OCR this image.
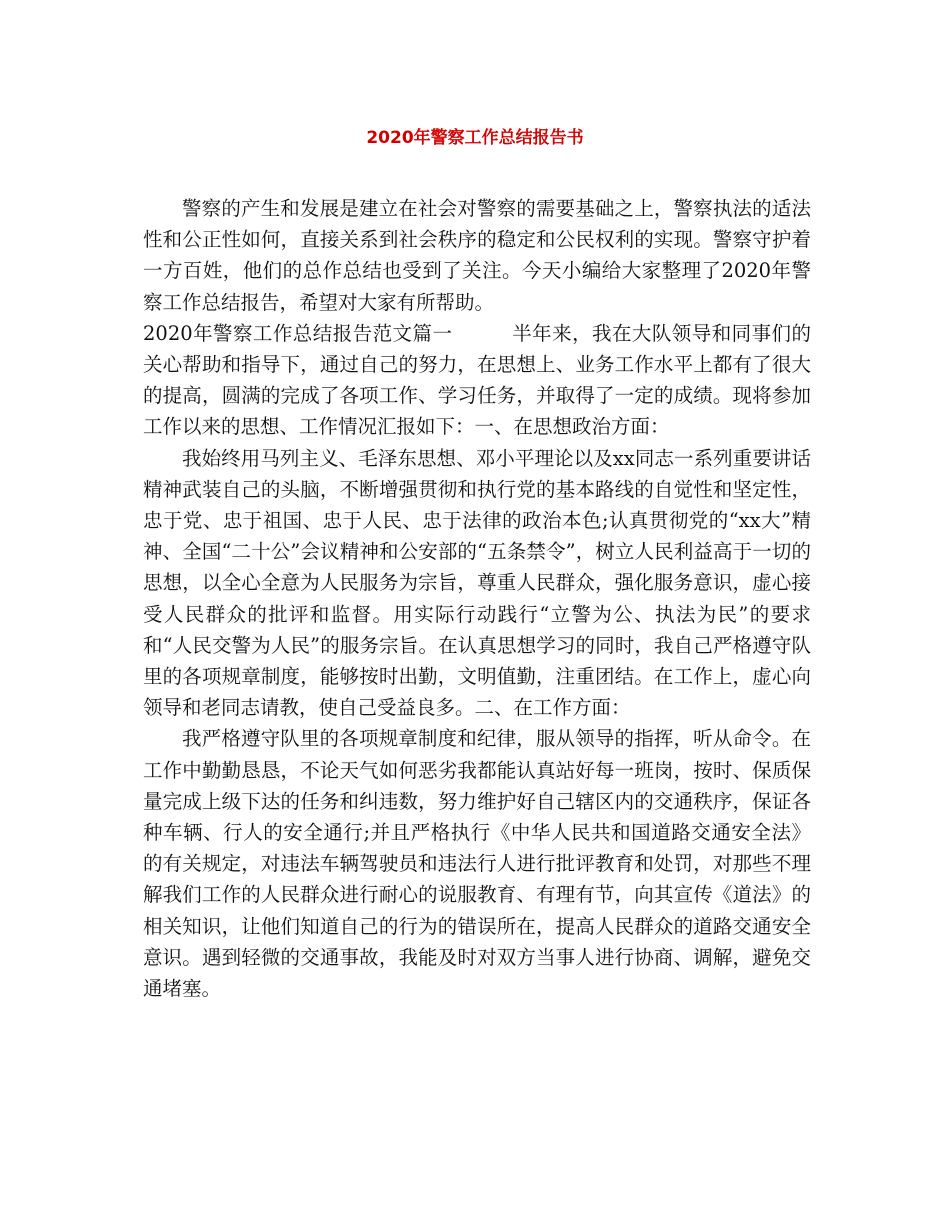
2020年警察工作总结报告书

警察的产生和发展是建立在社会对警察的需要基础之上，警察执法的适法性和公正性如何，直接关系到社会秩序的稳定和公民权利的实现。警察守护着一方百姓，他们的总作总结也受到了关注。今天小编给大家整理了2020年警察工作总结报告，希望对大家有所帮助。

2020年警察工作总结报告范文篇一　　　半年来，我在大队领导和同事们的关心帮助和指导下，通过自己的努力，在思想上、业务工作水平上都有了很大的提高，圆满的完成了各项工作、学习任务，并取得了一定的成绩。现将参加工作以来的思想、工作情况汇报如下：一、在思想政治方面：

我始终用马列主义、毛泽东思想、邓小平理论以及xx同志一系列重要讲话精神武装自己的头脑，不断增强贯彻和执行党的基本路线的自觉性和坚定性，忠于党、忠于祖国、忠于人民、忠于法律的政治本色;认真贯彻党的“xx大”精神、全国“二十公”会议精神和公安部的“五条禁令”，树立人民利益高于一切的思想，以全心全意为人民服务为宗旨，尊重人民群众，强化服务意识，虚心接受人民群众的批评和监督。用实际行动践行“立警为公、执法为民”的要求和“人民交警为人民”的服务宗旨。在认真思想学习的同时，我自己严格遵守队里的各项规章制度，能够按时出勤，文明值勤，注重团结。在工作上，虚心向领导和老同志请教，使自己受益良多。二、在工作方面：

我严格遵守队里的各项规章制度和纪律，服从领导的指挥，听从命令。在工作中勤勤恳恳，不论天气如何恶劣我都能认真站好每一班岗，按时、保质保量完成上级下达的任务和纠违数，努力维护好自己辖区内的交通秩序，保证各种车辆、行人的安全通行;并且严格执行《中华人民共和国道路交通安全法》的有关规定，对违法车辆驾驶员和违法行人进行批评教育和处罚，对那些不理解我们工作的人民群众进行耐心的说服教育、有理有节，向其宣传《道法》的相关知识，让他们知道自己的行为的错误所在，提高人民群众的道路交通安全意识。遇到轻微的交通事故，我能及时对双方当事人进行协商、调解，避免交通堵塞。
